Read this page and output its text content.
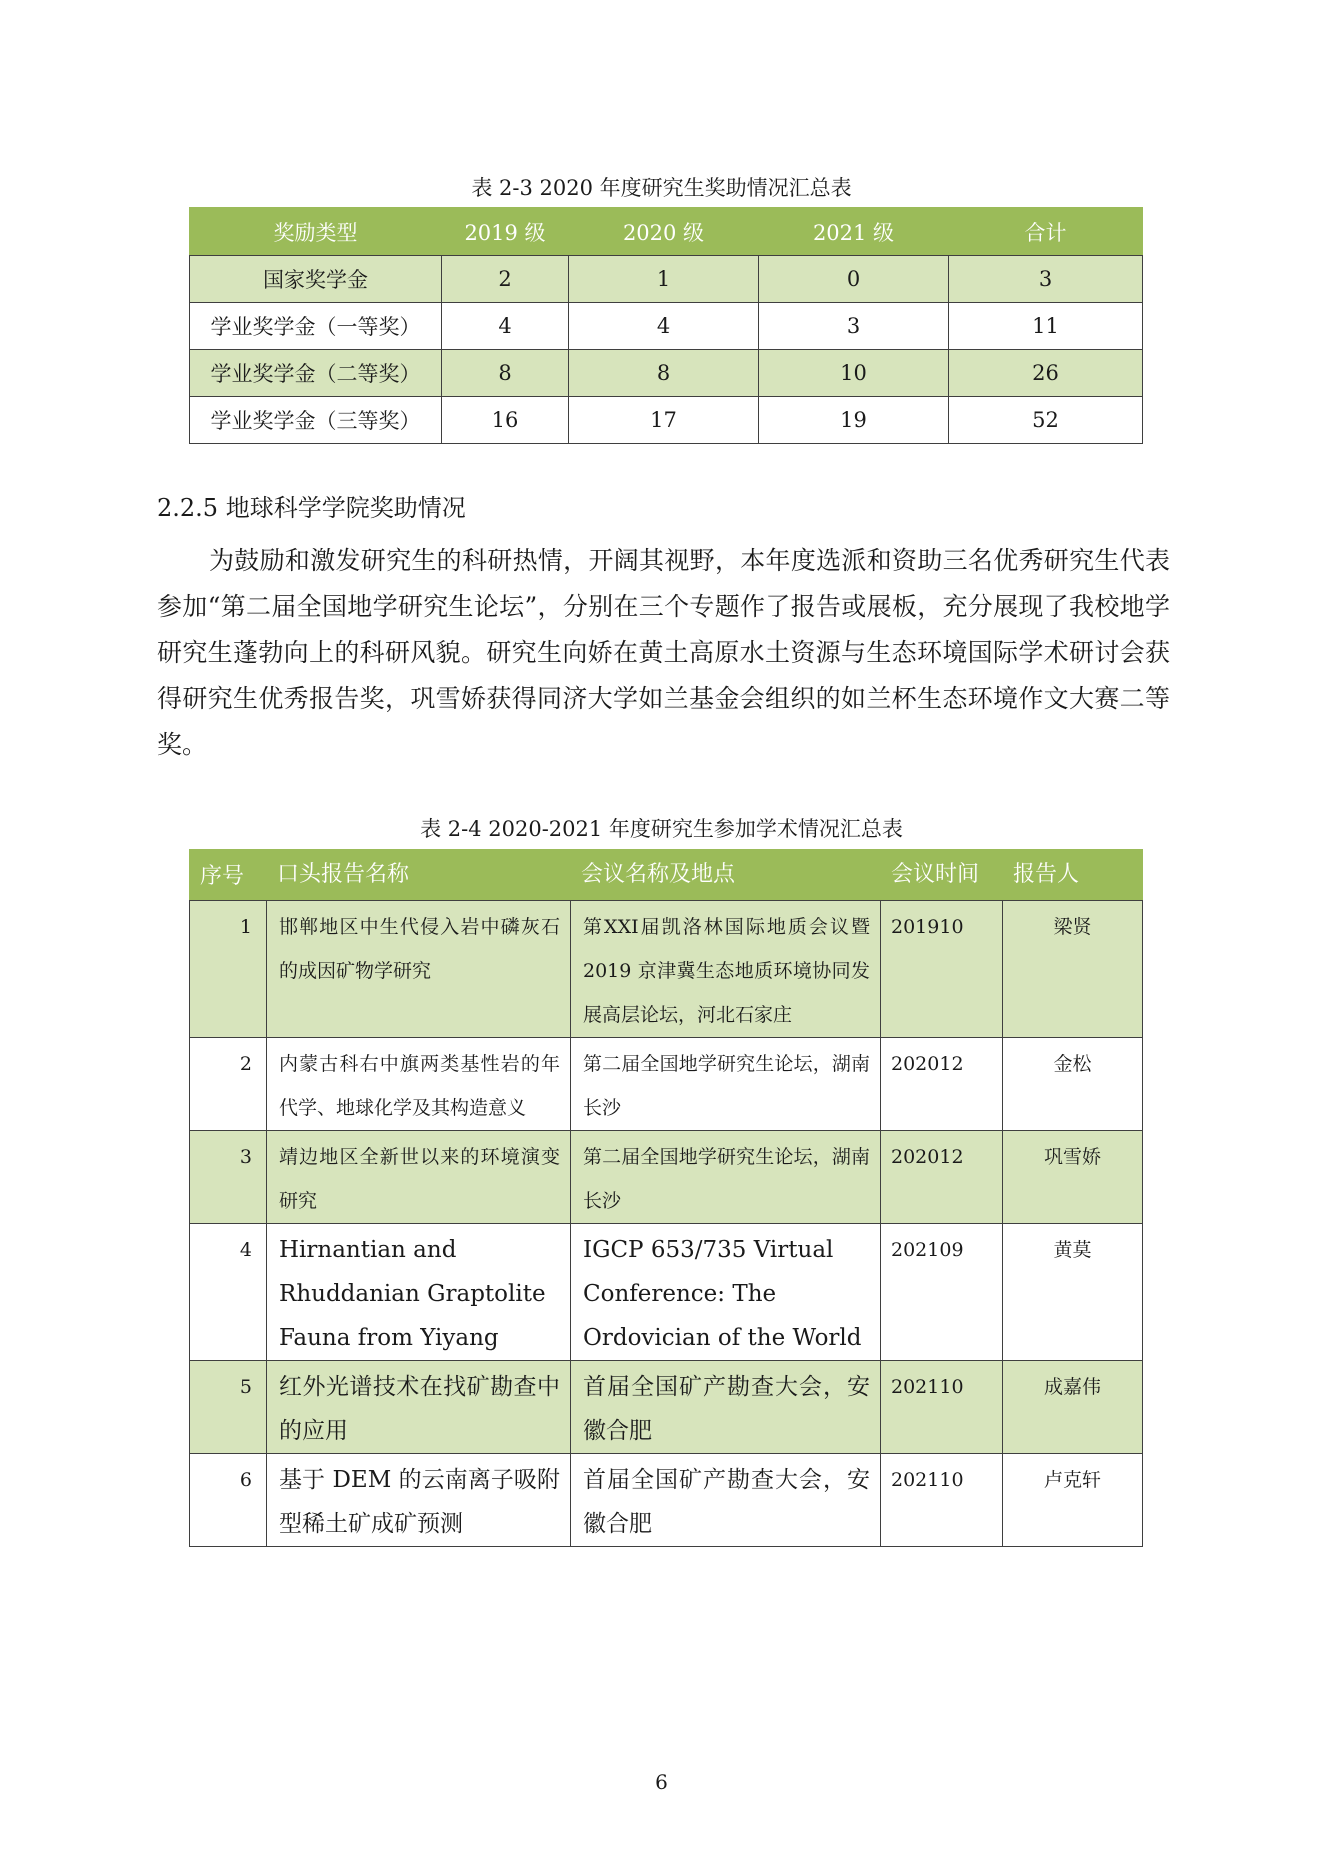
表 2-3 2020 年度研究生奖助情况汇总表
奖励类型	2019 级	2020 级	2021 级	合计
国家奖学金	2	1	0	3
学业奖学金（一等奖）	4	4	3	11
学业奖学金（二等奖）	8	8	10	26
学业奖学金（三等奖）	16	17	19	52
2.2.5 地球科学学院奖助情况
为鼓励和激发研究生的科研热情，开阔其视野，本年度选派和资助三名优秀研究生代表参加“第二届全国地学研究生论坛”，分别在三个专题作了报告或展板，充分展现了我校地学研究生蓬勃向上的科研风貌。研究生向娇在黄土高原水土资源与生态环境国际学术研讨会获得研究生优秀报告奖，巩雪娇获得同济大学如兰基金会组织的如兰杯生态环境作文大赛二等奖。
表 2-4 2020-2021 年度研究生参加学术情况汇总表
序号	口头报告名称	会议名称及地点	会议时间	报告人
1	邯郸地区中生代侵入岩中磷灰石的成因矿物学研究	第XXI届凯洛林国际地质会议暨2019 京津冀生态地质环境协同发展高层论坛，河北石家庄	201910	梁贤
2	内蒙古科右中旗两类基性岩的年代学、地球化学及其构造意义	第二届全国地学研究生论坛，湖南长沙	202012	金松
3	靖边地区全新世以来的环境演变研究	第二届全国地学研究生论坛，湖南长沙	202012	巩雪娇
4	Hirnantian and Rhuddanian Graptolite Fauna from Yiyang	IGCP 653/735 Virtual Conference: The Ordovician of the World	202109	黄莫
5	红外光谱技术在找矿勘查中的应用	首届全国矿产勘查大会，安徽合肥	202110	成嘉伟
6	基于 DEM 的云南离子吸附型稀土矿成矿预测	首届全国矿产勘查大会，安徽合肥	202110	卢克轩
6
